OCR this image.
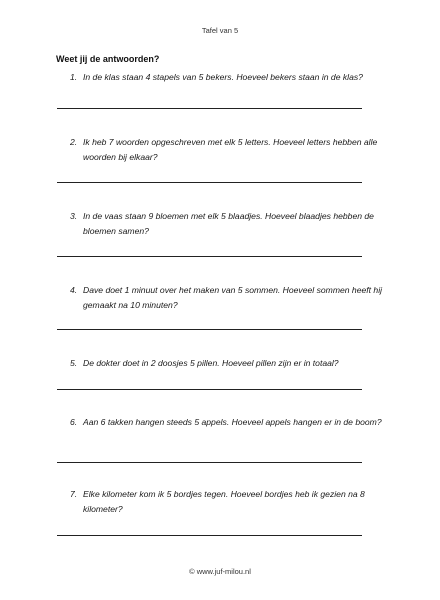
Tafel van 5
Weet jij de antwoorden?
1. In de klas staan 4 stapels van 5 bekers. Hoeveel bekers staan in de klas?
2. Ik heb 7 woorden opgeschreven met elk 5 letters. Hoeveel letters hebben alle woorden bij elkaar?
3. In de vaas staan 9 bloemen met elk 5 blaadjes. Hoeveel blaadjes hebben de bloemen samen?
4. Dave doet 1 minuut over het maken van 5 sommen. Hoeveel sommen heeft hij gemaakt na 10 minuten?
5. De dokter doet in 2 doosjes 5 pillen. Hoeveel pillen zijn er in totaal?
6. Aan 6 takken hangen steeds 5 appels. Hoeveel appels hangen er in de boom?
7. Elke kilometer kom ik 5 bordjes tegen. Hoeveel bordjes heb ik gezien na 8 kilometer?
© www.juf-milou.nl
